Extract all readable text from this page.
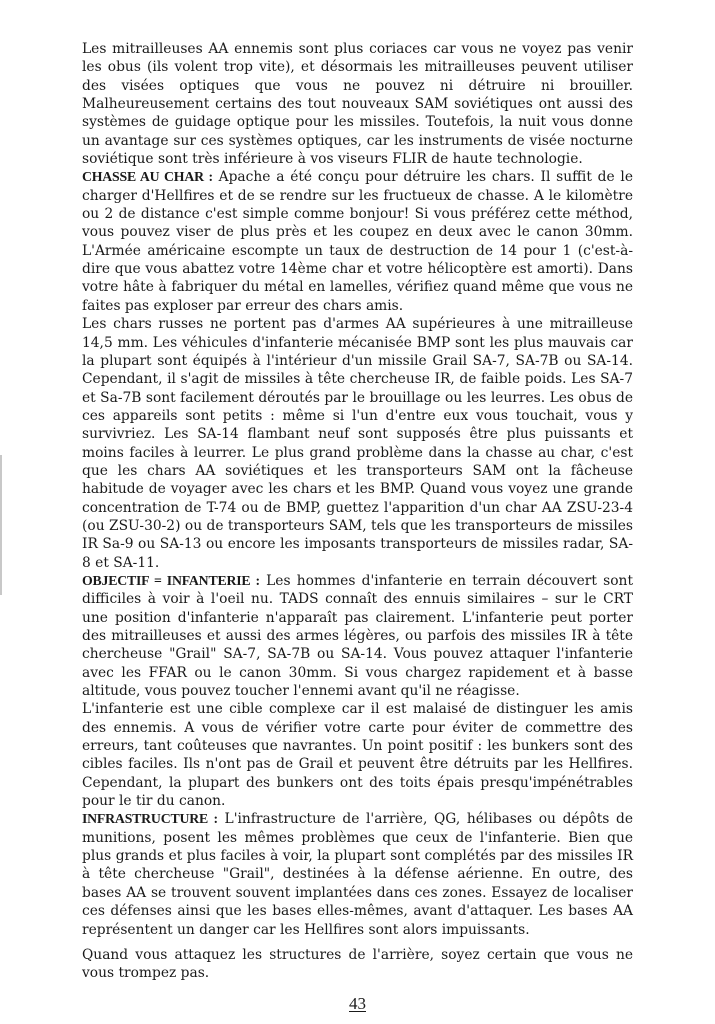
Les mitrailleuses AA ennemis sont plus coriaces car vous ne voyez pas venir les obus (ils volent trop vite), et désormais les mitrailleuses peuvent utiliser des visées optiques que vous ne pouvez ni détruire ni brouiller. Malheureusement certains des tout nouveaux SAM soviétiques ont aussi des systèmes de guidage optique pour les missiles. Toutefois, la nuit vous donne un avantage sur ces systèmes optiques, car les instruments de visée nocturne soviétique sont très inférieure à vos viseurs FLIR de haute technologie.

CHASSE AU CHAR : Apache a été conçu pour détruire les chars. Il suffit de le charger d'Hellfires et de se rendre sur les fructueux de chasse. A le kilomètre ou 2 de distance c'est simple comme bonjour! Si vous préférez cette méthod, vous pouvez viser de plus près et les coupez en deux avec le canon 30mm. L'Armée américaine escompte un taux de destruction de 14 pour 1 (c'est-à-dire que vous abattez votre 14ème char et votre hélicoptère est amorti). Dans votre hâte à fabriquer du métal en lamelles, vérifiez quand même que vous ne faites pas exploser par erreur des chars amis.

Les chars russes ne portent pas d'armes AA supérieures à une mitrailleuse 14,5 mm. Les véhicules d'infanterie mécanisée BMP sont les plus mauvais car la plupart sont équipés à l'intérieur d'un missile Grail SA-7, SA-7B ou SA-14. Cependant, il s'agit de missiles à tête chercheuse IR, de faible poids. Les SA-7 et Sa-7B sont facilement déroutés par le brouillage ou les leurres. Les obus de ces appareils sont petits : même si l'un d'entre eux vous touchait, vous y survivriez. Les SA-14 flambant neuf sont supposés être plus puissants et moins faciles à leurrer. Le plus grand problème dans la chasse au char, c'est que les chars AA soviétiques et les transporteurs SAM ont la fâcheuse habitude de voyager avec les chars et les BMP. Quand vous voyez une grande concentration de T-74 ou de BMP, guettez l'apparition d'un char AA ZSU-23-4 (ou ZSU-30-2) ou de transporteurs SAM, tels que les transporteurs de missiles IR Sa-9 ou SA-13 ou encore les imposants transporteurs de missiles radar, SA-8 et SA-11.

OBJECTIF = INFANTERIE : Les hommes d'infanterie en terrain découvert sont difficiles à voir à l'oeil nu. TADS connaît des ennuis similaires – sur le CRT une position d'infanterie n'apparaît pas clairement. L'infanterie peut porter des mitrailleuses et aussi des armes légères, ou parfois des missiles IR à tête chercheuse "Grail" SA-7, SA-7B ou SA-14. Vous pouvez attaquer l'infanterie avec les FFAR ou le canon 30mm. Si vous chargez rapidement et à basse altitude, vous pouvez toucher l'ennemi avant qu'il ne réagisse.

L'infanterie est une cible complexe car il est malaisé de distinguer les amis des ennemis. A vous de vérifier votre carte pour éviter de commettre des erreurs, tant coûteuses que navrantes. Un point positif : les bunkers sont des cibles faciles. Ils n'ont pas de Grail et peuvent être détruits par les Hellfires. Cependant, la plupart des bunkers ont des toits épais presqu'impénétrables pour le tir du canon.

INFRASTRUCTURE : L'infrastructure de l'arrière, QG, hélibases ou dépôts de munitions, posent les mêmes problèmes que ceux de l'infanterie. Bien que plus grands et plus faciles à voir, la plupart sont complétés par des missiles IR à tête chercheuse "Grail", destinées à la défense aérienne. En outre, des bases AA se trouvent souvent implantées dans ces zones. Essayez de localiser ces défenses ainsi que les bases elles-mêmes, avant d'attaquer. Les bases AA représentent un danger car les Hellfires sont alors impuissants.

Quand vous attaquez les structures de l'arrière, soyez certain que vous ne vous trompez pas.

43
